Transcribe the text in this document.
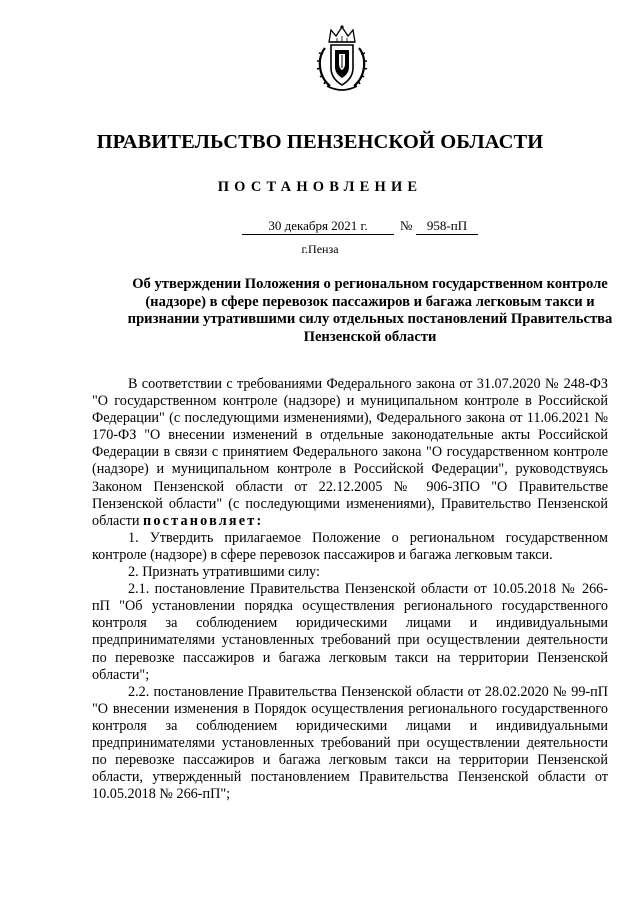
ПРАВИТЕЛЬСТВО ПЕНЗЕНСКОЙ ОБЛАСТИ
ПОСТАНОВЛЕНИЕ
30 декабря 2021 г.	№	958-пП
г.Пенза
Об утверждении Положения о региональном государственном контроле (надзоре) в сфере перевозок пассажиров и багажа легковым такси и признании утратившими силу отдельных постановлений Правительства Пензенской области

В соответствии с требованиями Федерального закона от 31.07.2020 № 248-ФЗ "О государственном контроле (надзоре) и муниципальном контроле в Российской Федерации" (с последующими изменениями), Федерального закона от 11.06.2021 № 170-ФЗ "О внесении изменений в отдельные законодательные акты Российской Федерации в связи с принятием Федерального закона "О государственном контроле (надзоре) и муниципальном контроле в Российской Федерации", руководствуясь Законом Пензенской области от 22.12.2005 № 906-ЗПО "О Правительстве Пензенской области" (с последующими изменениями), Правительство Пензенской области постановляет:

1. Утвердить прилагаемое Положение о региональном государственном контроле (надзоре) в сфере перевозок пассажиров и багажа легковым такси.

2. Признать утратившими силу:

2.1. постановление Правительства Пензенской области от 10.05.2018 № 266-пП "Об установлении порядка осуществления регионального государственного контроля за соблюдением юридическими лицами и индивидуальными предпринимателями установленных требований при осуществлении деятельности по перевозке пассажиров и багажа легковым такси на территории Пензенской области";

2.2. постановление Правительства Пензенской области от 28.02.2020 № 99-пП "О внесении изменения в Порядок осуществления регионального государственного контроля за соблюдением юридическими лицами и индивидуальными предпринимателями установленных требований при осуществлении деятельности по перевозке пассажиров и багажа легковым такси на территории Пензенской области, утвержденный постановлением Правительства Пензенской области от 10.05.2018 № 266-пП";
